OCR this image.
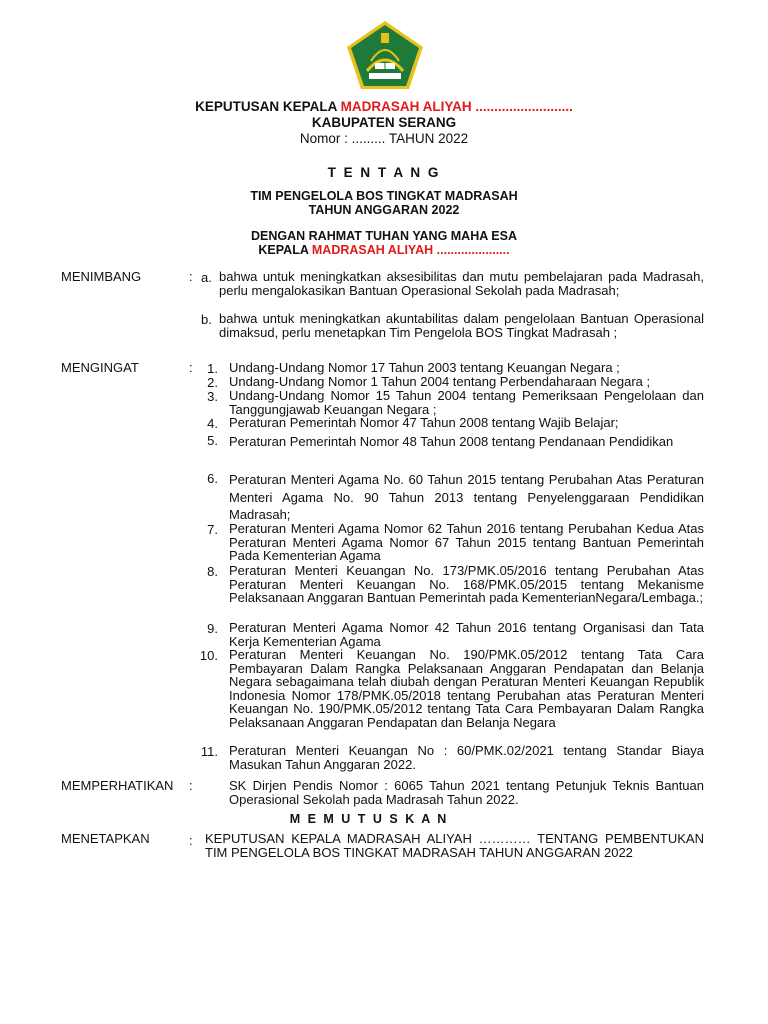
KEPUTUSAN KEPALA MADRASAH ALIYAH ..........................
KABUPATEN SERANG
Nomor : ......... TAHUN 2022
T E N T A N G
TIM PENGELOLA BOS TINGKAT MADRASAH
TAHUN ANGGARAN 2022
DENGAN RAHMAT TUHAN YANG MAHA ESA
KEPALA MADRASAH ALIYAH .....................
MENIMBANG	: a. bahwa untuk meningkatkan aksesibilitas dan mutu pembelajaran pada Madrasah, perlu mengalokasikan Bantuan Operasional Sekolah pada Madrasah;
b. bahwa untuk meningkatkan akuntabilitas dalam pengelolaan Bantuan Operasional dimaksud, perlu menetapkan Tim Pengelola BOS Tingkat Madrasah ;
MENGINGAT	:	1. Undang-Undang Nomor 17 Tahun 2003 tentang Keuangan Negara ;
2. Undang-Undang Nomor 1 Tahun 2004 tentang Perbendaharaan Negara ;
3. Undang-Undang Nomor 15 Tahun 2004 tentang Pemeriksaan Pengelolaan dan Tanggungjawab Keuangan Negara ;
4. Peraturan Pemerintah Nomor 47 Tahun 2008 tentang Wajib Belajar;
5. Peraturan Pemerintah Nomor 48 Tahun 2008 tentang Pendanaan Pendidikan
6. Peraturan Menteri Agama No. 60 Tahun 2015 tentang Perubahan Atas Peraturan Menteri Agama No. 90 Tahun 2013 tentang Penyelenggaraan Pendidikan Madrasah;
7. Peraturan Menteri Agama Nomor 62 Tahun 2016 tentang Perubahan Kedua Atas Peraturan Menteri Agama Nomor 67 Tahun 2015 tentang Bantuan Pemerintah Pada Kementerian Agama
8. Peraturan Menteri Keuangan No. 173/PMK.05/2016 tentang Perubahan Atas Peraturan Menteri Keuangan No. 168/PMK.05/2015 tentang Mekanisme Pelaksanaan Anggaran Bantuan Pemerintah pada KementerianNegara/Lembaga.;
9. Peraturan Menteri Agama Nomor 42 Tahun 2016 tentang Organisasi dan Tata Kerja Kementerian Agama
10. Peraturan Menteri Keuangan No. 190/PMK.05/2012 tentang Tata Cara Pembayaran Dalam Rangka Pelaksanaan Anggaran Pendapatan dan Belanja Negara sebagaimana telah diubah dengan Peraturan Menteri Keuangan Republik Indonesia Nomor 178/PMK.05/2018 tentang Perubahan atas Peraturan Menteri Keuangan No. 190/PMK.05/2012 tentang Tata Cara Pembayaran Dalam Rangka Pelaksanaan Anggaran Pendapatan dan Belanja Negara
11. Peraturan Menteri Keuangan No : 60/PMK.02/2021 tentang Standar Biaya Masukan Tahun Anggaran 2022.
MEMPERHATIKAN :	SK Dirjen Pendis Nomor : 6065 Tahun 2021 tentang Petunjuk Teknis Bantuan Operasional Sekolah pada Madrasah Tahun 2022.
M E M U T U S K A N
MENETAPKAN	: KEPUTUSAN KEPALA MADRASAH ALIYAH ………… TENTANG PEMBENTUKAN TIM PENGELOLA BOS TINGKAT MADRASAH TAHUN ANGGARAN 2022
